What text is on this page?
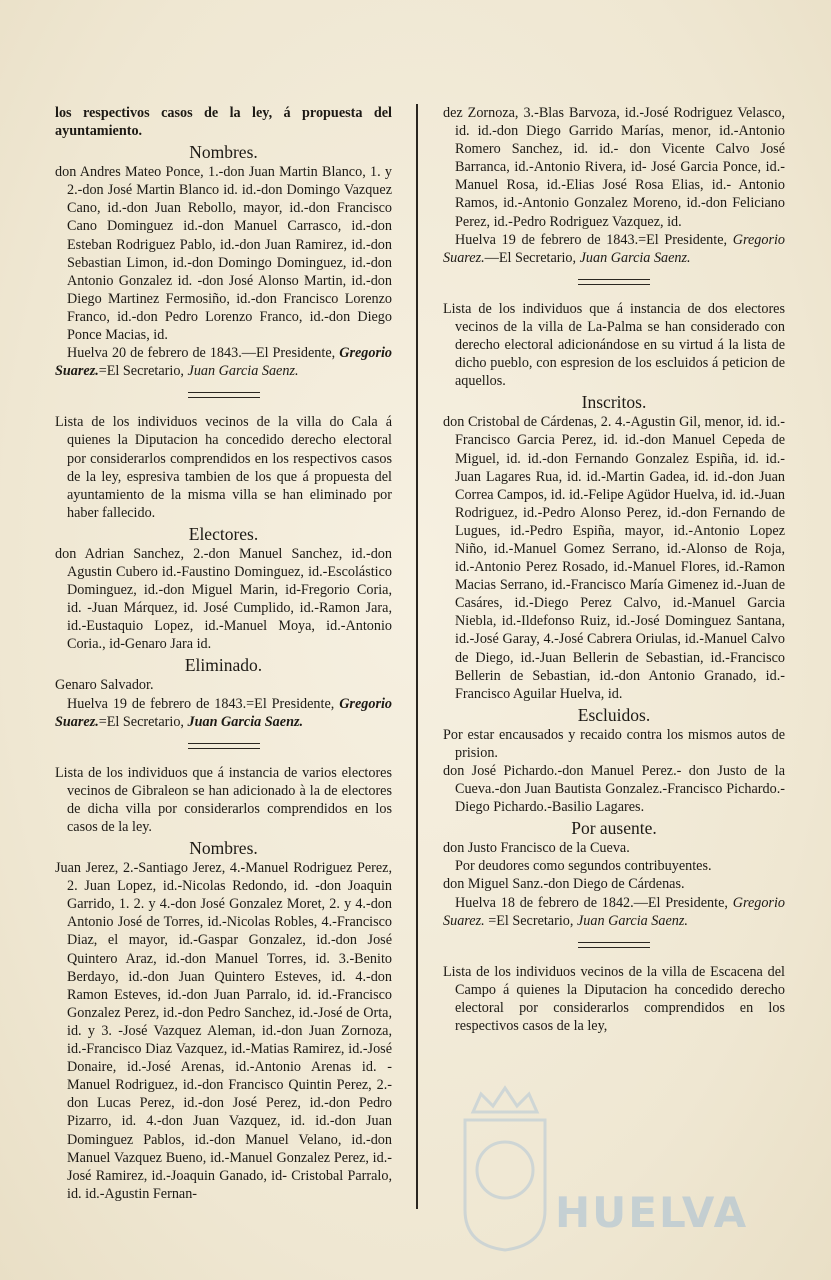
los respectivos casos de la ley, á propuesta del ayuntamiento.

Nombres.

don Andres Mateo Ponce, 1.-don Juan Martin Blanco, 1. y 2.-don José Martin Blanco id. id.-don Domingo Vazquez Cano, id.-don Juan Rebollo, mayor, id.-don Francisco Cano Dominguez id.-don Manuel Carrasco, id.-don Esteban Rodriguez Pablo, id.-don Juan Ramirez, id.-don Sebastian Limon, id.-don Domingo Dominguez, id.-don Antonio Gonzalez id. -don José Alonso Martin, id.-don Diego Martinez Fermosiño, id.-don Francisco Lorenzo Franco, id.-don Pedro Lorenzo Franco, id.-don Diego Ponce Macias, id.

Huelva 20 de febrero de 1843.—El Presidente, Gregorio Suarez.=El Secretario, Juan Garcia Saenz.

Lista de los individuos vecinos de la villa do Cala á quienes la Diputacion ha concedido derecho electoral por considerarlos comprendidos en los respectivos casos de la ley, espresiva tambien de los que á propuesta del ayuntamiento de la misma villa se han eliminado por haber fallecido.

Electores.

don Adrian Sanchez, 2.-don Manuel Sanchez, id.-don Agustin Cubero id.-Faustino Dominguez, id.-Escolástico Dominguez, id.-don Miguel Marin, id-Fregorio Coria, id. -Juan Márquez, id. José Cumplido, id.-Ramon Jara, id.-Eustaquio Lopez, id.-Manuel Moya, id.-Antonio Coria., id-Genaro Jara id.

Eliminado.

Genaro Salvador.

Huelva 19 de febrero de 1843.=El Presidente, Gregorio Suarez.=El Secretario, Juan Garcia Saenz.

Lista de los individuos que á instancia de varios electores vecinos de Gibraleon se han adicionado à la de electores de dicha villa por considerarlos comprendidos en los casos de la ley.

Nombres.

Juan Jerez, 2.-Santiago Jerez, 4.-Manuel Rodriguez Perez, 2. Juan Lopez, id.-Nicolas Redondo, id. -don Joaquin Garrido, 1. 2. y 4.-don José Gonzalez Moret, 2. y 4.-don Antonio José de Torres, id.-Nicolas Robles, 4.-Francisco Diaz, el mayor, id.-Gaspar Gonzalez, id.-don José Quintero Araz, id.-don Manuel Torres, id. 3.-Benito Berdayo, id.-don Juan Quintero Esteves, id. 4.-don Ramon Esteves, id.-don Juan Parralo, id. id.-Francisco Gonzalez Perez, id.-don Pedro Sanchez, id.-José de Orta, id. y 3. -José Vazquez Aleman, id.-don Juan Zornoza, id.-Francisco Diaz Vazquez, id.-Matias Ramirez, id.-José Donaire, id.-José Arenas, id.-Antonio Arenas id. -Manuel Rodriguez, id.-don Francisco Quintin Perez, 2.-don Lucas Perez, id.-don José Perez, id.-don Pedro Pizarro, id. 4.-don Juan Vazquez, id. id.-don Juan Dominguez Pablos, id.-don Manuel Velano, id.-don Manuel Vazquez Bueno, id.-Manuel Gonzalez Perez, id.-José Ramirez, id.-Joaquin Ganado, id- Cristobal Parralo, id. id.-Agustin Fernan-

dez Zornoza, 3.-Blas Barvoza, id.-José Rodriguez Velasco, id. id.-don Diego Garrido Marías, menor, id.-Antonio Romero Sanchez, id. id.- don Vicente Calvo José Barranca, id.-Antonio Rivera, id- José Garcia Ponce, id.-Manuel Rosa, id.-Elias José Rosa Elias, id.- Antonio Ramos, id.-Antonio Gonzalez Moreno, id.-don Feliciano Perez, id.-Pedro Rodriguez Vazquez, id.

Huelva 19 de febrero de 1843.=El Presidente, Gregorio Suarez.—El Secretario, Juan Garcia Saenz.

Lista de los individuos que á instancia de dos electores vecinos de la villa de La-Palma se han considerado con derecho electoral adicionándose en su virtud á la lista de dicho pueblo, con espresion de los escluidos á peticion de aquellos.

Inscritos.

don Cristobal de Cárdenas, 2. 4.-Agustin Gil, menor, id. id.-Francisco Garcia Perez, id. id.-don Manuel Cepeda de Miguel, id. id.-don Fernando Gonzalez Espiña, id. id.-Juan Lagares Rua, id. id.-Martin Gadea, id. id.-don Juan Correa Campos, id. id.-Felipe Agüdor Huelva, id. id.-Juan Rodriguez, id.-Pedro Alonso Perez, id.-don Fernando de Lugues, id.-Pedro Espiña, mayor, id.-Antonio Lopez Niño, id.-Manuel Gomez Serrano, id.-Alonso de Roja, id.-Antonio Perez Rosado, id.-Manuel Flores, id.-Ramon Macias Serrano, id.-Francisco María Gimenez id.-Juan de Casáres, id.-Diego Perez Calvo, id.-Manuel Garcia Niebla, id.-Ildefonso Ruiz, id.-José Dominguez Santana, id.-José Garay, 4.-José Cabrera Oriulas, id.-Manuel Calvo de Diego, id.-Juan Bellerin de Sebastian, id.-Francisco Bellerin de Sebastian, id.-don Antonio Granado, id.- Francisco Aguilar Huelva, id.

Escluidos.

Por estar encausados y recaido contra los mismos autos de prision.

don José Pichardo.-don Manuel Perez.- don Justo de la Cueva.-don Juan Bautista Gonzalez.-Francisco Pichardo.-Diego Pichardo.-Basilio Lagares.

Por ausente.

don Justo Francisco de la Cueva.

Por deudores como segundos contribuyentes.

don Miguel Sanz.-don Diego de Cárdenas.

Huelva 18 de febrero de 1842.—El Presidente, Gregorio Suarez. =El Secretario, Juan Garcia Saenz.

Lista de los individuos vecinos de la villa de Escacena del Campo á quienes la Diputacion ha concedido derecho electoral por considerarlos comprendidos en los respectivos casos de la ley,

HUELVA
